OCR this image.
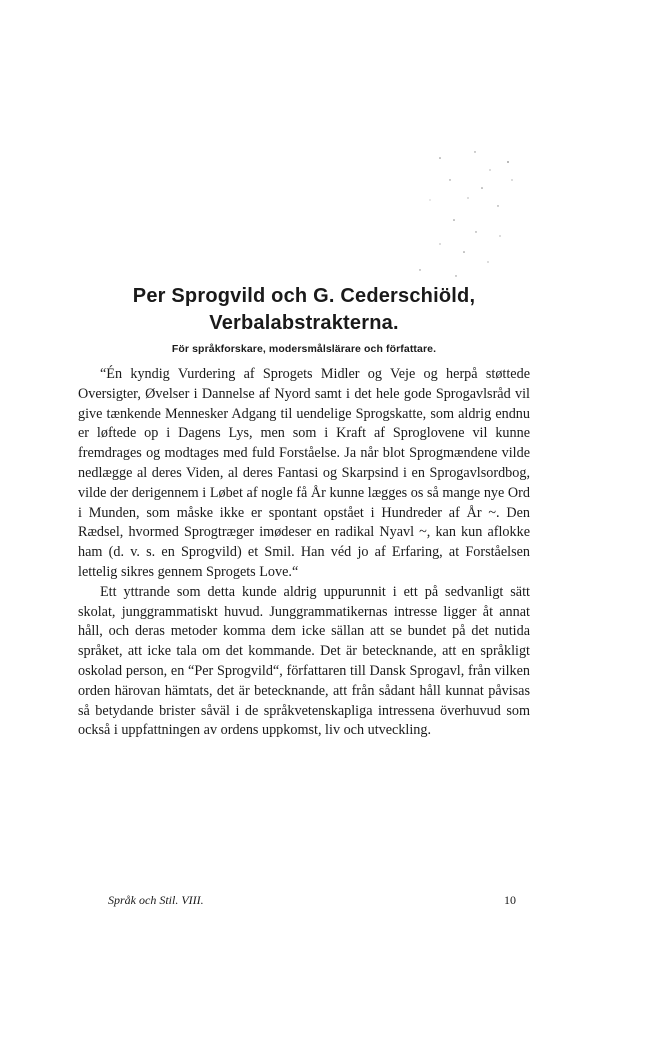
Per Sprogvild och G. Cederschiöld,
Verbalabstrakterna.
För språkforskare, modersmålslärare och författare.

“Én kyndig Vurdering af Sprogets Midler og Veje og herpå støttede Oversigter, Øvelser i Dannelse af Nyord samt i det hele gode Sprogavlsråd vil give tænkende Mennesker Adgang til uendelige Sprogskatte, som aldrig endnu er løftede op i Dagens Lys, men som i Kraft af Sproglovene vil kunne fremdrages og modtages med fuld Forståelse. Ja når blot Sprogmændene vilde nedlægge al deres Viden, al deres Fantasi og Skarpsind i en Sprogavlsordbog, vilde der derigennem i Løbet af nogle få År kunne lægges os så mange nye Ord i Munden, som måske ikke er spontant opstået i Hundreder af År ~. Den Rædsel, hvormed Sprogtræger imødeser en radikal Nyavl ~, kan kun aflokke ham (d. v. s. en Sprogvild) et Smil. Han véd jo af Erfaring, at Forståelsen lettelig sikres gennem Sprogets Love.“

Ett yttrande som detta kunde aldrig uppurunnit i ett på sedvanligt sätt skolat, junggrammatiskt huvud. Junggrammatikernas intresse ligger åt annat håll, och deras metoder komma dem icke sällan att se bundet på det nutida språket, att icke tala om det kommande. Det är betecknande, att en språkligt oskolad person, en “Per Sprogvild“, författaren till Dansk Sprogavl, från vilken orden härovan hämtats, det är betecknande, att från sådant håll kunnat påvisas så betydande brister såväl i de språkvetenskapliga intressena överhuvud som också i uppfattningen av ordens uppkomst, liv och utveckling.

Språk och Stil. VIII.	10
